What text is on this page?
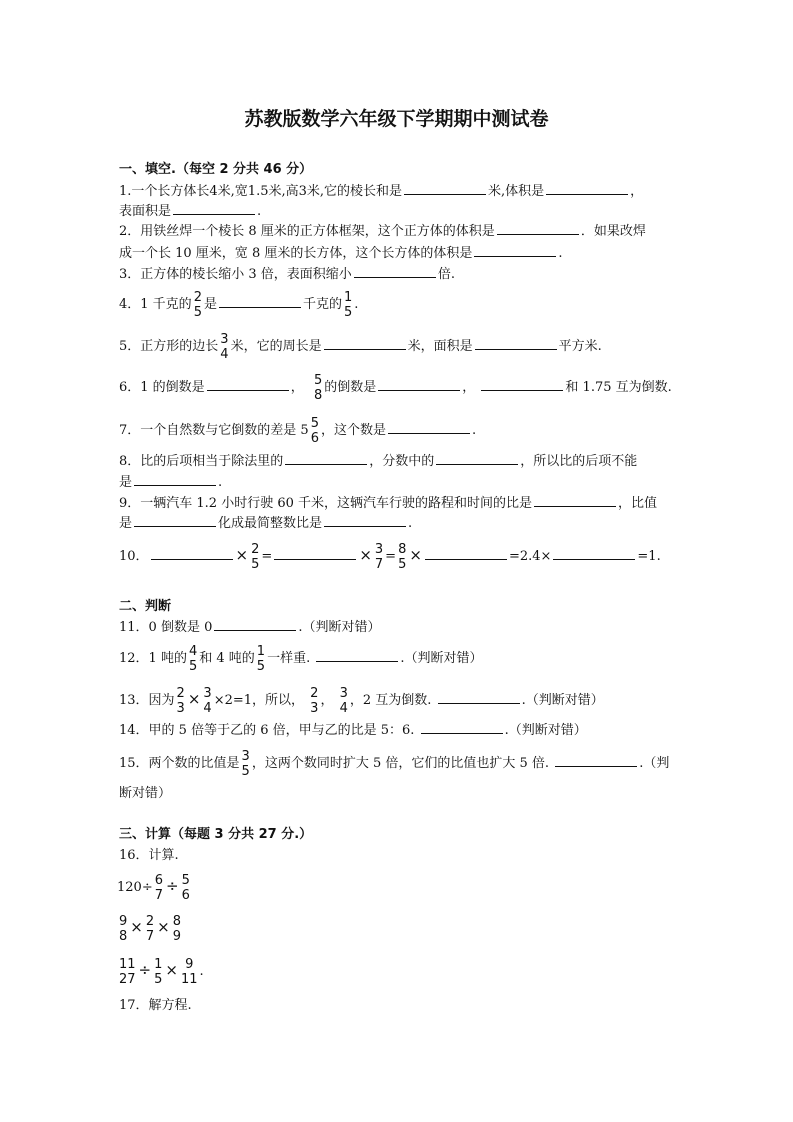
苏教版数学六年级下学期期中测试卷
一、填空.（每空 2 分共 46 分）
1.一个长方体长4米,宽1.5米,高3米,它的棱长和是	米,体积是	，
表面积是	.
2．用铁丝焊一个棱长 8 厘米的正方体框架，这个正方体的体积是	．如果改焊
成一个长 10 厘米，宽 8 厘米的长方体，这个长方体的体积是	.
3．正方体的棱长缩小 3 倍，表面积缩小	倍.
4．1 千克的 2
5 是	千克的 1
5 .
5．正方形的边长 3
4 米，它的周长是	米，面积是	平方米.
6．1 的倒数是	， 5
8 的倒数是	，	和 1.75 互为倒数.
7．一个自然数与它倒数的差是 5 5
6 ，这个数是	.
8．比的后项相当于除法里的	，分数中的	，所以比的后项不能
是	.
9．一辆汽车 1.2 小时行驶 60 千米，这辆汽车行驶的路程和时间的比是	，比值
是	化成最简整数比是	.
10．	× 2
5 =	× 3
7 = 8
5 ×	=2.4×	=1.
二、判断
11．0 倒数是 0	.（判断对错）
12．1 吨的 4
5 和 4 吨的 1
5 一样重.	.（判断对错）
13．因为 2
3 × 3
4 ×2=1，所以， 2
3 ， 3
4 ，2 互为倒数.	.（判断对错）
14．甲的 5 倍等于乙的 6 倍，甲与乙的比是 5：6.	.（判断对错）
15．两个数的比值是 3
5 ，这两个数同时扩大 5 倍，它们的比值也扩大 5 倍.	.（判
断对错）
三、计算（每题 3 分共 27 分.）
16．计算.
120÷ 6
7 ÷ 5
6
9
8 × 2
7 × 8
9
11
27 ÷ 1
5 × 9
11 .
17．解方程.
